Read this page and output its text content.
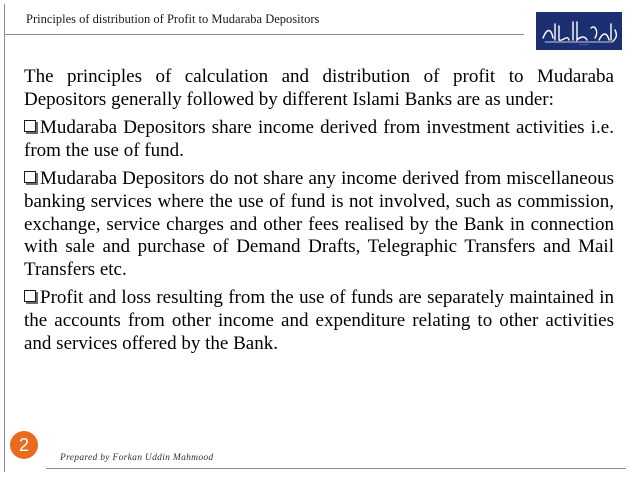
Principles of distribution of Profit to Mudaraba Depositors
بسم الله الرحمن الرحيم

The principles of calculation and distribution of profit to Mudaraba Depositors generally followed by different Islami Banks are as under:

Mudaraba Depositors share income derived from investment activities i.e. from the use of fund.

Mudaraba Depositors do not share any income derived from miscellaneous banking services where the use of fund is not involved, such as commission, exchange, service charges and other fees realised by the Bank in connection with sale and purchase of Demand Drafts, Telegraphic Transfers and Mail Transfers etc.

Profit and loss resulting from the use of funds are separately maintained in the accounts from other income and expenditure relating to other activities and services offered by the Bank.

2
Prepared by Forkan Uddin Mahmood
